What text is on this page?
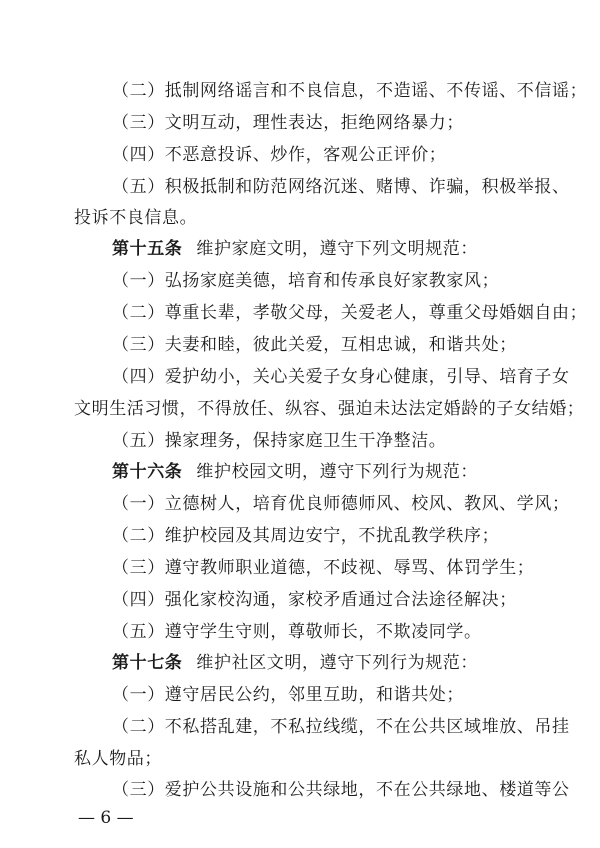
（二）抵制网络谣言和不良信息，不造谣、不传谣、不信谣；
（三）文明互动，理性表达，拒绝网络暴力；
（四）不恶意投诉、炒作，客观公正评价；
（五）积极抵制和防范网络沉迷、赌博、诈骗，积极举报、
投诉不良信息。
第十五条 维护家庭文明，遵守下列文明规范：
（一）弘扬家庭美德，培育和传承良好家教家风；
（二）尊重长辈，孝敬父母，关爱老人，尊重父母婚姻自由；
（三）夫妻和睦，彼此关爱，互相忠诚，和谐共处；
（四）爱护幼小，关心关爱子女身心健康，引导、培育子女
文明生活习惯，不得放任、纵容、强迫未达法定婚龄的子女结婚；
（五）操家理务，保持家庭卫生干净整洁。
第十六条 维护校园文明，遵守下列行为规范：
（一）立德树人，培育优良师德师风、校风、教风、学风；
（二）维护校园及其周边安宁，不扰乱教学秩序；
（三）遵守教师职业道德，不歧视、辱骂、体罚学生；
（四）强化家校沟通，家校矛盾通过合法途径解决；
（五）遵守学生守则，尊敬师长，不欺凌同学。
第十七条 维护社区文明，遵守下列行为规范：
（一）遵守居民公约，邻里互助，和谐共处；
（二）不私搭乱建，不私拉线缆，不在公共区域堆放、吊挂
私人物品；
（三）爱护公共设施和公共绿地，不在公共绿地、楼道等公
— 6 —
